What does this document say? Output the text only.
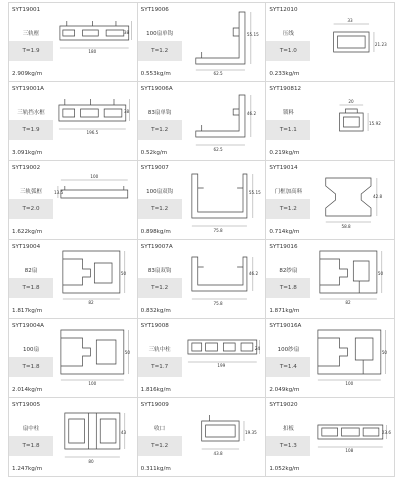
SYT19001
三轨框
T=1.9
2.909kg/m
180
38
SYT19006
100扇单钩
T=1.2
0.553kg/m	62.5
55.15
SYT12010
压线
T=1.0
0.233kg/m
33
21.23
SYT19001A
三轨挡水框
T=1.9
3.091kg/m
196.5
38
SYT19006A
83扇单钩
T=1.2
0.52kg/m
62.5
46.2
SYT190812
锁料
T=1.1
0.219kg/m
20
15.92
SYT19002
三轨弧框
T=2.0
1.622kg/m
100
13.5
SYT19007
100扇双钩
T=1.2
0.898kg/m	75.8
55.15
SYT19014
门框加高料
T=1.2
0.714kg/m
58.8
42.8
SYT19004
82扇
T=1.8
1.817kg/m
82
50
SYT19007A
83扇双钩
T=1.2
0.832kg/m
75.8
46.2
SYT19016
82纱扇
T=1.8
1.871kg/m
82
50
SYT19004A
100扇
T=1.8
2.014kg/m
100
50
SYT19008
三轨中柱
T=1.7
1.816kg/m
199
24
SYT19016A
100纱扇
T=1.4
2.049kg/m
100
50
SYT19005
扇中柱
T=1.8
1.247kg/m
80
43
SYT19009
收口
T=1.2
0.311kg/m
43.8
19.35
SYT19020
扣板
T=1.3
1.052kg/m
108
23.6
